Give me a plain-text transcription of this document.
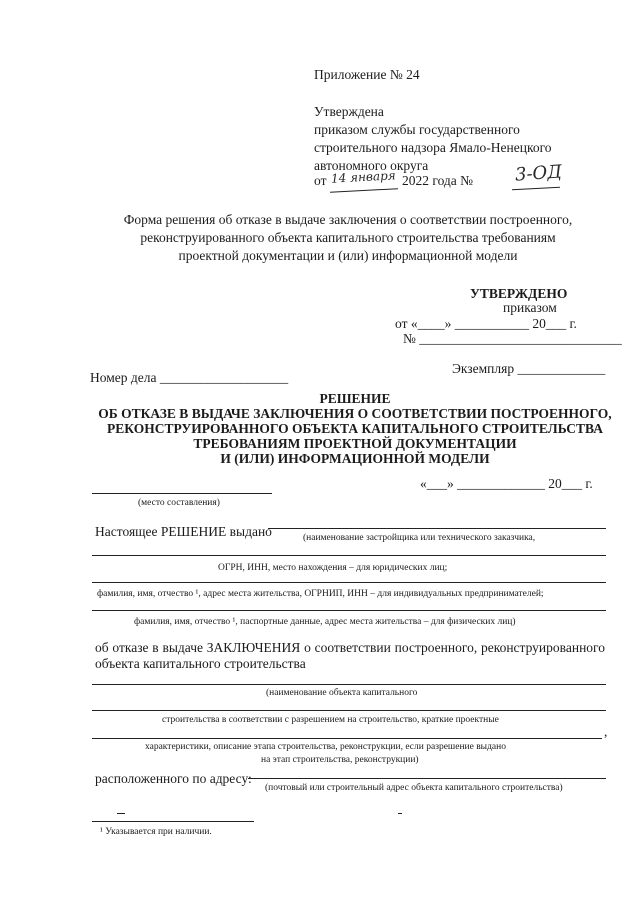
Приложение № 24
Утверждена
приказом службы государственного
строительного надзора Ямало-Ненецкого
автономного округа
от 14 января 2022 года № 3-ОД
Форма решения об отказе в выдаче заключения о соответствии построенного,
реконструированного объекта капитального строительства требованиям
проектной документации и (или) информационной модели
УТВЕРЖДЕНО
приказом
от «____» ___________ 20___ г.
№ ______________________________
Номер дела ___________________
Экземпляр _____________
РЕШЕНИЕ
ОБ ОТКАЗЕ В ВЫДАЧЕ ЗАКЛЮЧЕНИЯ О СООТВЕТСТВИИ ПОСТРОЕННОГО,
РЕКОНСТРУИРОВАННОГО ОБЪЕКТА КАПИТАЛЬНОГО СТРОИТЕЛЬСТВА
ТРЕБОВАНИЯМ ПРОЕКТНОЙ ДОКУМЕНТАЦИИ
И (ИЛИ) ИНФОРМАЦИОННОЙ МОДЕЛИ
(место составления)
«___» _____________ 20___ г.
Настоящее РЕШЕНИЕ выдано	(наименование застройщика или технического заказчика,
ОГРН, ИНН, место нахождения – для юридических лиц;
фамилия, имя, отчество ¹, адрес места жительства, ОГРНИП, ИНН – для индивидуальных предпринимателей;
фамилия, имя, отчество ¹, паспортные данные, адрес места жительства – для физических лиц)
об отказе в выдаче ЗАКЛЮЧЕНИЯ о соответствии построенного, реконструированного
объекта капитального строительства
(наименование объекта капитального
строительства в соответствии с разрешением на строительство, краткие проектные
,
характеристики, описание этапа строительства, реконструкции, если разрешение выдано
на этап строительства, реконструкции)
расположенного по адресу:
(почтовый или строительный адрес объекта капитального строительства)
¹ Указывается при наличии.
